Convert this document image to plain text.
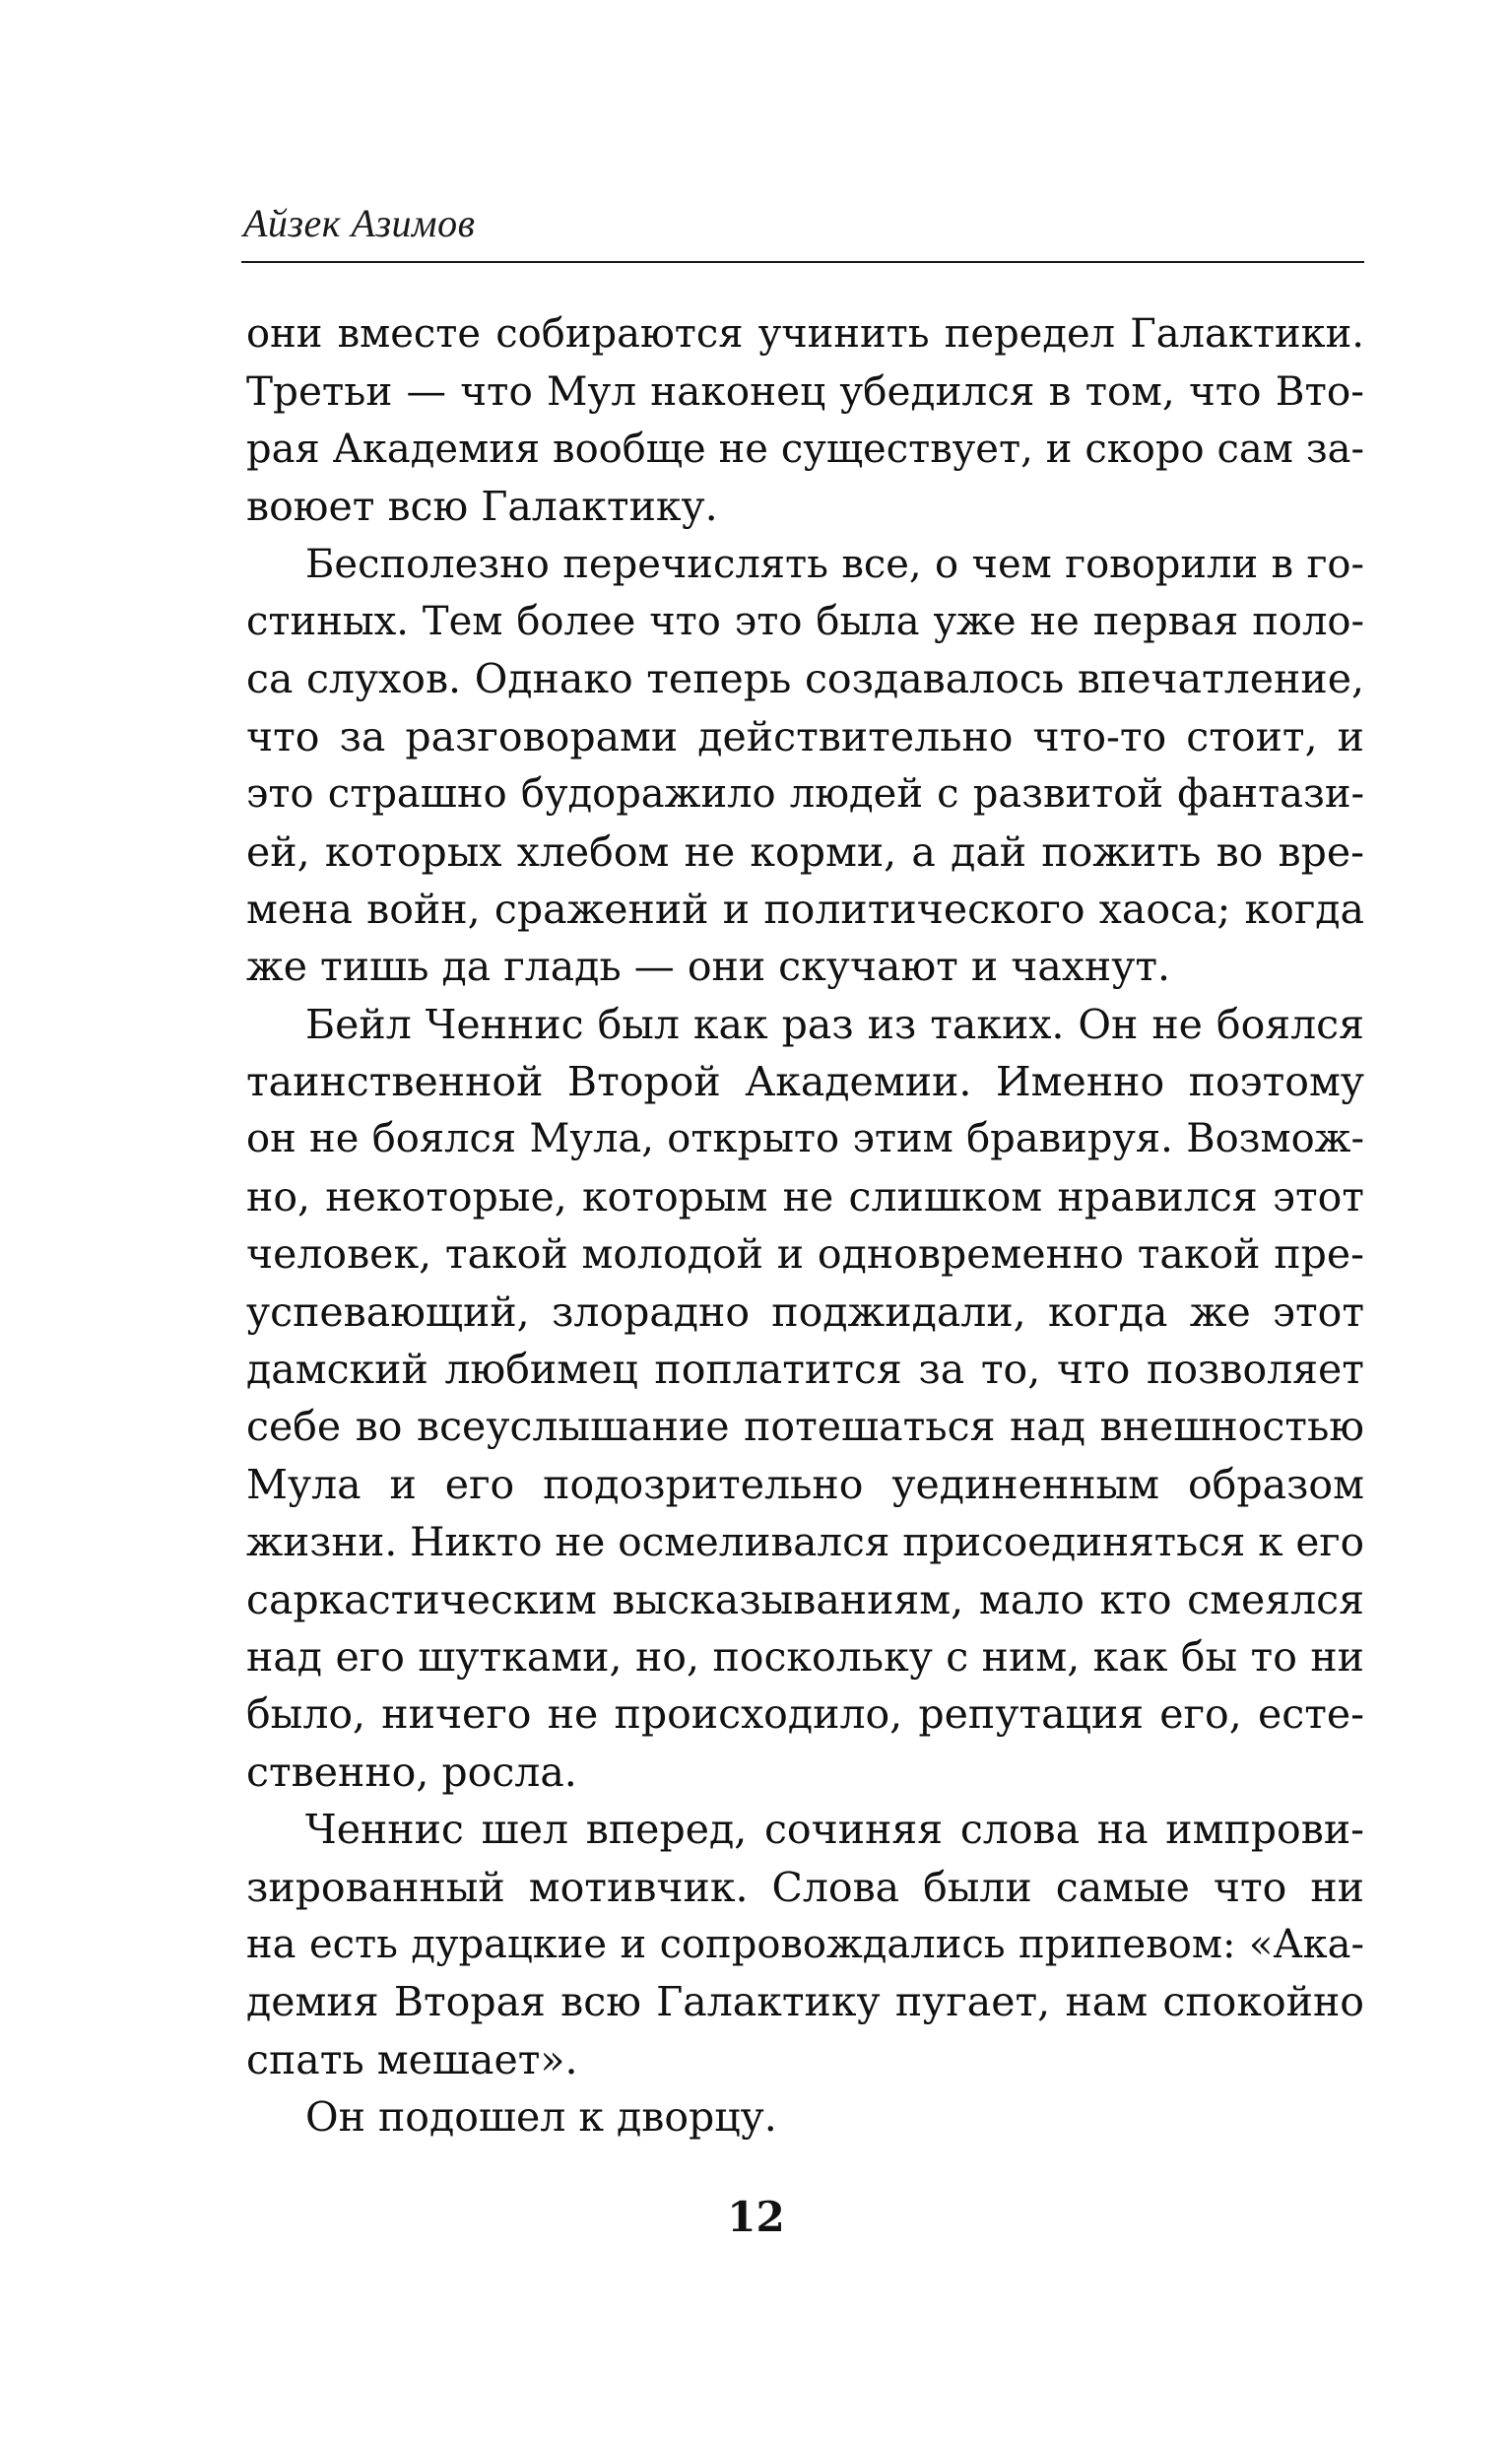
Айзек Азимов
они вместе собираются учинить передел Галактики.
Третьи — что Мул наконец убедился в том, что Вто-
рая Академия вообще не существует, и скоро сам за-
воюет всю Галактику.
Бесполезно перечислять все, о чем говорили в го-
стиных. Тем более что это была уже не первая поло-
са слухов. Однако теперь создавалось впечатление,
что за разговорами действительно что-то стоит, и
это страшно будоражило людей с развитой фантази-
ей, которых хлебом не корми, а дай пожить во вре-
мена войн, сражений и политического хаоса; когда
же тишь да гладь — они скучают и чахнут.
Бейл Ченнис был как раз из таких. Он не боялся
таинственной Второй Академии. Именно поэтому
он не боялся Мула, открыто этим бравируя. Возмож-
но, некоторые, которым не слишком нравился этот
человек, такой молодой и одновременно такой пре-
успевающий, злорадно поджидали, когда же этот
дамский любимец поплатится за то, что позволяет
себе во всеуслышание потешаться над внешностью
Мула и его подозрительно уединенным образом
жизни. Никто не осмеливался присоединяться к его
саркастическим высказываниям, мало кто смеялся
над его шутками, но, поскольку с ним, как бы то ни
было, ничего не происходило, репутация его, есте-
ственно, росла.
Ченнис шел вперед, сочиняя слова на импрови-
зированный мотивчик. Слова были самые что ни
на есть дурацкие и сопровождались припевом: «Ака-
демия Вторая всю Галактику пугает, нам спокойно
спать мешает».
Он подошел к дворцу.
12
